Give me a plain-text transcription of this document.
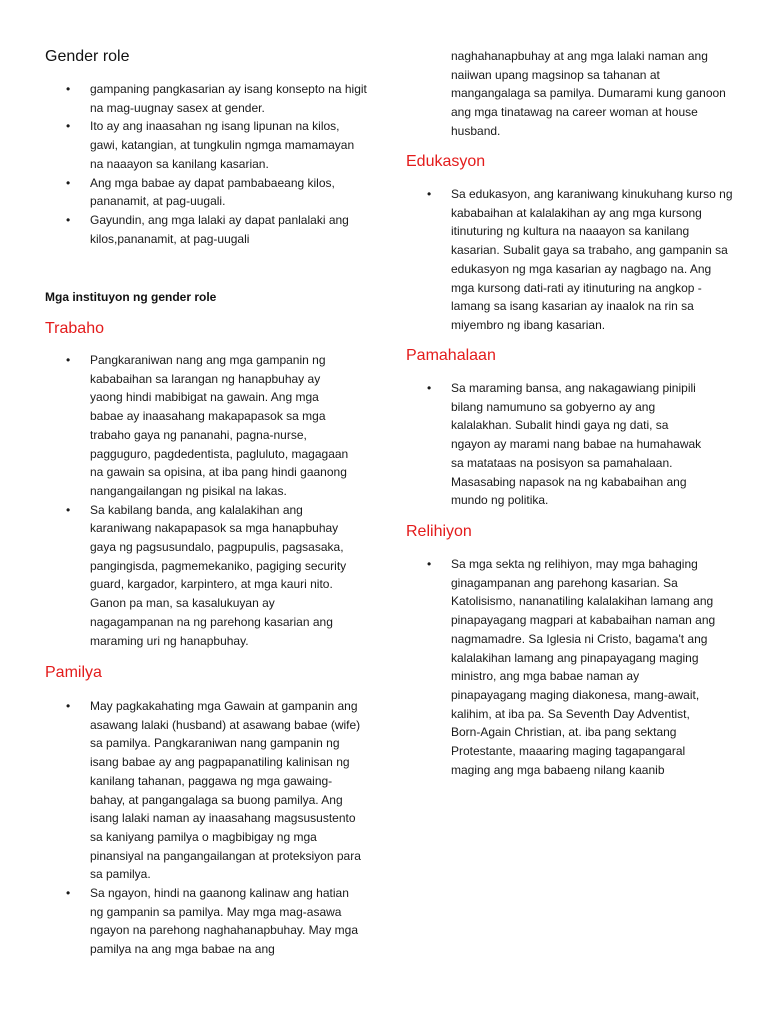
Gender role
• gampaning pangkasarian ay isang konsepto na higit na mag-uugnay sasex at gender.
• Ito ay ang inaasahan ng isang lipunan na kilos, gawi, katangian, at tungkulin ngmga mamamayan na naaayon sa kanilang kasarian.
• Ang mga babae ay dapat pambabaeang kilos, pananamit, at pag-uugali.
• Gayundin, ang mga lalaki ay dapat panlalaki ang kilos,pananamit, at pag-uugali
Mga instituyon ng gender role
Trabaho
• Pangkaraniwan nang ang mga gampanin ng kababaihan sa larangan ng hanapbuhay ay yaong hindi mabibigat na gawain. Ang mga babae ay inaasahang makapapasok sa mga trabaho gaya ng pananahi, pagna-nurse, pagguguro, pagdedentista, pagluluto, magagaan na gawain sa opisina, at iba pang hindi gaanong nangangailangan ng pisikal na lakas.
• Sa kabilang banda, ang kalalakihan ang karaniwang nakapapasok sa mga hanapbuhay gaya ng pagsusundalo, pagpupulis, pagsasaka, pangingisda, pagmemekaniko, pagiging security guard, kargador, karpintero, at mga kauri nito. Ganon pa man, sa kasalukuyan ay nagagampanan na ng parehong kasarian ang maraming uri ng hanapbuhay.
Pamilya
• May pagkakahating mga Gawain at gampanin ang asawang lalaki (husband) at asawang babae (wife) sa pamilya. Pangkaraniwan nang gampanin ng isang babae ay ang pagpapanatiling kalinisan ng kanilang tahanan, paggawa ng mga gawaing-bahay, at pangangalaga sa buong pamilya. Ang isang lalaki naman ay inaasahang magsusustento sa kaniyang pamilya o magbibigay ng mga pinansiyal na pangangailangan at proteksiyon para sa pamilya.
• Sa ngayon, hindi na gaanong kalinaw ang hatian ng gampanin sa pamilya. May mga mag-asawa ngayon na parehong naghahanapbuhay. May mga pamilya na ang mga babae na ang
naghahanapbuhay at ang mga lalaki naman ang naiiwan upang magsinop sa tahanan at mangangalaga sa pamilya. Dumarami kung ganoon ang mga tinatawag na career woman at house husband.
Edukasyon
• Sa edukasyon, ang karaniwang kinukuhang kurso ng kababaihan at kalalakihan ay ang mga kursong itinuturing ng kultura na naaayon sa kanilang kasarian. Subalit gaya sa trabaho, ang gampanin sa edukasyon ng mga kasarian ay nagbago na. Ang mga kursong dati-rati ay itinuturing na angkop -lamang sa isang kasarian ay inaalok na rin sa miyembro ng ibang kasarian.
Pamahalaan
• Sa maraming bansa, ang nakagawiang pinipili bilang namumuno sa gobyerno ay ang kalalakhan. Subalit hindi gaya ng dati, sa ngayon ay marami nang babae na humahawak sa matataas na posisyon sa pamahalaan. Masasabing napasok na ng kababaihan ang mundo ng politika.
Relihiyon
• Sa mga sekta ng relihiyon, may mga bahaging ginagampanan ang parehong kasarian. Sa Katolisismo, nananatiling kalalakihan lamang ang pinapayagang magpari at kababaihan naman ang nagmamadre. Sa Iglesia ni Cristo, bagama't ang kalalakihan lamang ang pinapayagang maging ministro, ang mga babae naman ay pinapayagang maging diakonesa, mang-await, kalihim, at iba pa. Sa Seventh Day Adventist, Born-Again Christian, at. iba pang sektang Protestante, maaaring maging tagapangaral maging ang mga babaeng nilang kaanib
